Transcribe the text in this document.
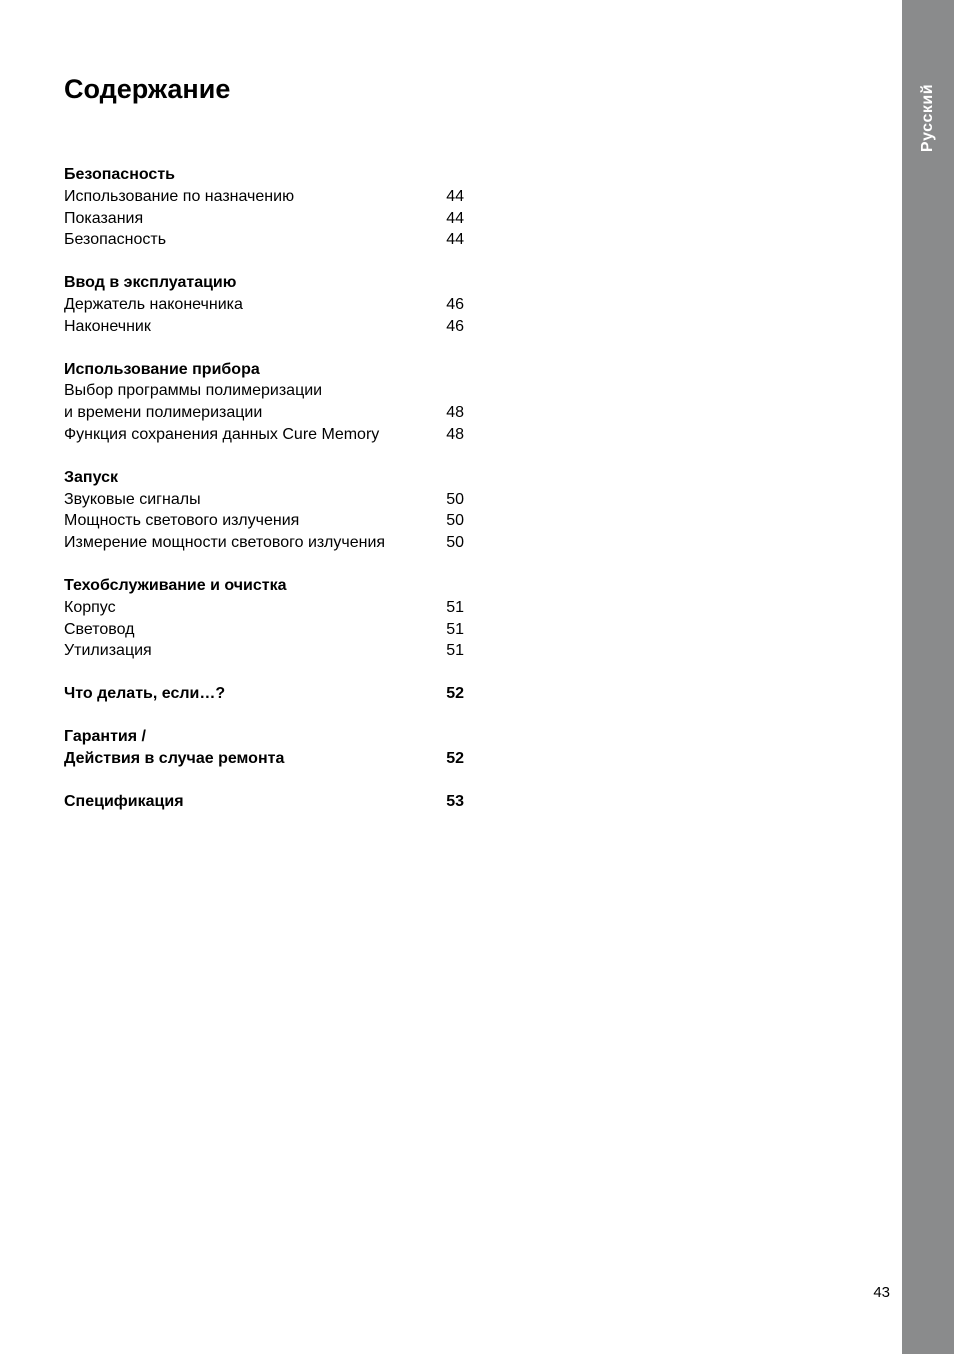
Русский
Содержание
Безопасность
Использование по назначению	44
Показания	44
Безопасность	44
Ввод в эксплуатацию
Держатель наконечника	46
Наконечник	46
Использование прибора
Выбор программы полимеризации
и времени полимеризации	48
Функция сохранения данных Cure Memory	48
Запуск
Звуковые сигналы	50
Мощность светового излучения	50
Измерение мощности светового излучения	50
Техобслуживание и очистка
Корпус	51
Световод	51
Утилизация	51
Что делать, если…?	52
Гарантия /
Действия в случае ремонта	52
Спецификация	53
43
